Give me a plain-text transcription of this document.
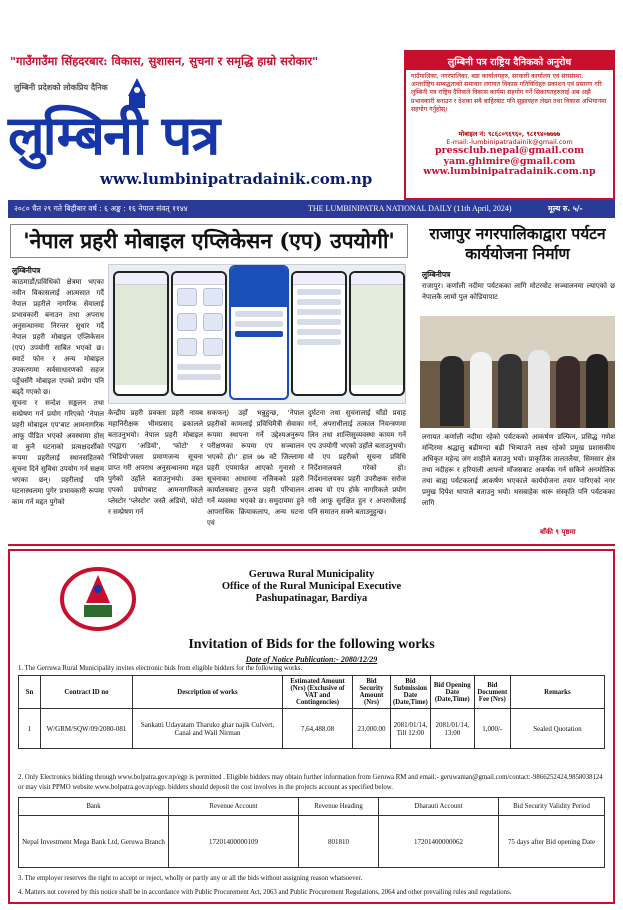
"गाउँगाउँमा सिंहदरबार: विकास, सुशासन, सुचना र समृद्धि हाम्रो सरोकार"
लुम्बिनी प्रदेशको लोकप्रिय दैनिक
लुम्बिनी पत्र
www.lumbinipatradainik.com.np
लुम्बिनी पत्र राष्ट्रिय दैनिकको अनुरोध
गाउँपालिका, नगरपालिका, बडा कार्यालयहरु, सरकारी कार्यालय एवं संघसंस्था, अन्तर्राष्ट्रिय सम्बद्धताको समाचार लगायत विकास गतिविधिहरु प्रकाशन एवं प्रसारण गरि लुम्बिनी पत्र राष्ट्रिय दैनिकले विकास कार्यमा सहयोग गर्ने सिकायतहरुलाई अब अझै प्रभावकारी बनाउन र देशका सबै बाहिरबाट पनि सुझावहरु लेख्न तथा विकास अभियानमा सहयोग गर्नुहोस्।
मोबाइल नं: ९८६८०९६९६०, ९८१९४०७७७७
E-mail:-lumbinipatradainik@gmail.com
pressclub.nepal@gmail.com
yam.ghimire@gmail.com
www.lumbinipatradainik.com.np
२०८० चैत २९ गते बिहीबार वर्ष : ६ अङ्क : १६ नेपाल संवत् ११४४	THE LUMBINIPATRA NATIONAL DAILY (11th April, 2024)	मूल्य रु. ५/-
'नेपाल प्रहरी मोबाइल एप्लिकेसन (एप) उपयोगी'
लुम्बिनीपत्र
काठमाडौं/प्रविधिको क्षेत्रमा भएका नवीन विकासलाई आत्मसात गर्दै नेपाल प्रहरीले नागरिक सेवालाई प्रभावकारी बनाउन तथा अपराध अनुसन्धानमा निरन्तर सुधार गर्दै नेपाल प्रहरी मोबाइल एप्लिकेसन (एप) उपयोगी साबित भएको छ। स्मार्ट फोन र अन्य मोबाइल उपकरणमा सर्वसाधारणको सहज पहुँचसँगै मोबाइल एपको प्रयोग पनि बढ्दै गएको छ।
सूचना र सन्देश सङ्कलन तथा सम्प्रेषण गर्न प्रयोग गरिएको 'नेपाल प्रहरी मोबाइल एप'बाट आमनागरिक आफू पीडित भएको अवस्थामा होस् वा कुनै घटनाको प्रत्यक्षदर्शीको रूपमा प्रहरीलाई स्थानसहितको सूचना दिने सुविधा उपयोग गर्न सक्षम भएका छन्। प्रहरीलाई पनि घटनास्थलमा पुगेर प्रभावकारी रूपमा काम गर्न मद्दत पुगेको
केन्द्रीय प्रहरी प्रवक्ता प्रहरी नायब महानिरीक्षक भीमप्रसाद ढकालले बताउनुभयो। नेपाल प्रहरी मोबाइल एपद्वारा 'अडियो', 'फोटो' र 'भिडियो'जस्ता प्रमाणजन्य सूचना प्राप्त गरी अपराध अनुसन्धानमा मद्दत पुगेको उहाँले बताउनुभयो। उक्त एपको प्रयोगबाट आमनागरिकले प्लेस्टोर 'प्लेस्टोर' जस्तै अडियो, फोटो र सम्प्रेषण गर्न
सकफन्) उहाँ भन्नुहुन्छ, 'नेपाल प्रहरीको कामलाई प्रविधिमैत्री सेवाका रूपमा स्थापना गर्ने उद्देश्यअनुरूप परीक्षणका रूपमा एप सञ्चालन भएको हो।' हाल ७७ वटै जिल्लामा प्रहरी एपमार्फत आएको गुनासो र सूचनाका आधारमा नजिकको प्रहरी कार्यालयबाट तुरुन्त प्रहरी परिचालन गर्ने व्यवस्था भएको छ। समुदायमा हुने आपराधिक क्रियाकलाप, अन्य घटना एवं
दुर्घटना तथा सुचनालाई चाँडो प्रवाह गर्न, अपराधीलाई तत्काल नियन्त्रणमा लिन तथा शान्तिसुव्यवस्था कायम गर्ने एप उपयोगी भएको उहाँले बताउनुभयो। यो एप प्रहरीको सूचना प्रविधि निर्देशनालयले गरेको हो। निर्देशनालयका प्रहरी उपरीक्षक सरोज शाक्य यो एप होके नागरिकले प्रयोग गरी आफू सुरक्षित हुन र अपराधीलाई पनि समातन सक्ने बताउनुहुन्छ।
राजापुर नगरपालिकाद्वारा पर्यटन कार्ययोजना निर्माण
लुम्बिनीपत्र
राजापुर। कर्णाली नदीमा पर्यटकका लागि मोटरवोट सञ्चालनमा ल्याएको छ नेपालकै लामो पुल कोडियापाट
लगायत कर्णाली नदीमा रहेको पर्यटकको आकर्षण डल्फिन, प्रसिद्ध गणेश मन्दिरमा श्रद्धालु बढीमन्दा बढी भित्र्याउने लक्ष्य रहेको प्रमुख प्रशासकीय अधिकृत महेन्द्र जंग शाहीले बताउनु भयो। प्राकृतिक तालतलैया, सिमसार क्षेत्र तथा नदीहरू र हरियाली आफ्नो माँजसबाट अकर्षक गर्न सकिने अनमोलिक तथा बाह्य पर्यटकलाई आकर्षण भएकाले कार्ययोजना तयार पारिएको नगर प्रमुख दिपेश थापाले बताउनु भयो। थसबाहेक थारू संस्कृति पनि पर्यटकका लागि
बाँकी ९ पृष्ठमा
Geruwa Rural Municipality
Office of the Rural Municipal Executive
Pashupatinagar, Bardiya
Invitation of Bids for the following works
Date of Notice Publication:- 2080/12/29
1. The Gerruwa Rural Municipality invites electronic bids from eligible bidders for the following works.
Sn	Contract ID no	Description of works	Estimated Amount (Nrs) (Exclusive of VAT and Contingencies)	Bid Security Amount (Nrs)	Bid Submission Date (Date,Time)	Bid Opening Date (Date,Time)	Bid Document Fee (Nrs)	Remarks
1	W/GRM/SQW/09/2080-081	Sankatti Udayatam Tharuko ghar najik Culvert, Canal and Wall Nirman	7,64,488.08	23,000.00	2081/01/14, Till 12:00	2081/01/14, 13:00	1,000/-	Sealed Quotation
2. Only Electronics bidding through www.bolpatra.gov.np/egp is permitted . Eligible bidders may obtain further information from Geruwa RM and email:- geruwaman@gmail.com/contact:-9866252424,9858038124 or may visit PPMO website www.bolpatra.gov.np/egp. bidders should deposit the cost involves in the projects account as specified below.
Bank	Revenue Account	Revenue Heading	Dharauti Account	Bid Security Validity Period
Nepal Investment Mega Bank Ltd, Geruwa Branch	17201400000109	801810	17201400000062	75 days after Bid opening Date
3. The employer reserves the right to accept or reject, wholly or partly any or all the bids without assigning reason whatsoever.
4. Matters not covered by this notice shall be in accordance with Public Procurement Act, 2063 and Public Procurement Regulations, 2064 and other prevailing rules and regulations.
